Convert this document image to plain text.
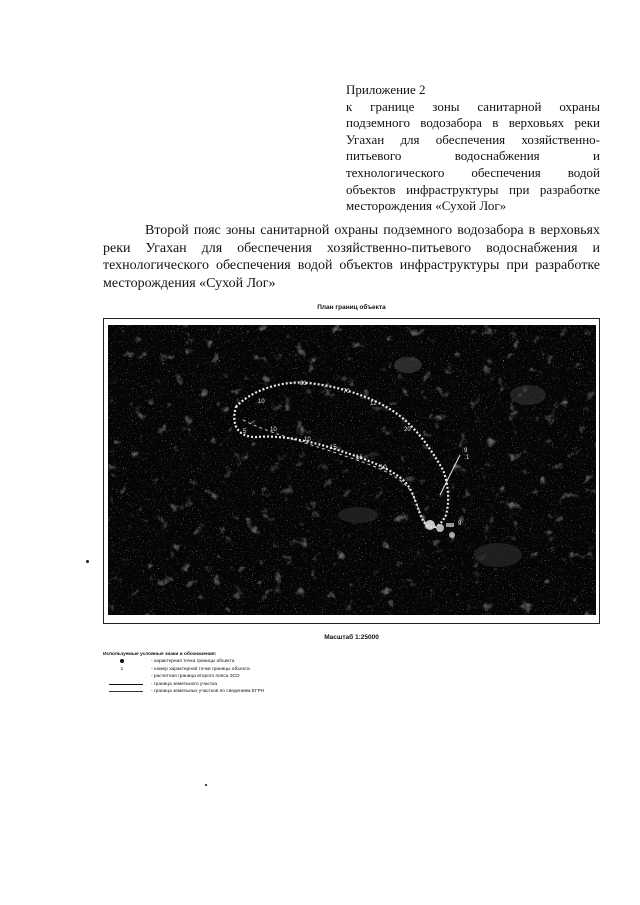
Приложение 2
к границе зоны санитарной охраны подземного водозабора в верховьях реки Угахан для обеспечения хозяйственно-питьевого водоснабжения и технологического обеспечения водой объектов инфраструктуры при разработке месторождения «Сухой Лог»
Второй пояс зоны санитарной охраны подземного водозабора в верховьях реки Угахан для обеспечения хозяйственно-питьевого водоснабжения и технологического обеспечения водой объектов инфраструктуры при разработке месторождения «Сухой Лог»
План границ объекта
81
10
5	10
10
15
16
10
70
12
20
9
1
9
Масштаб 1:25000
Используемые условные знаки и обозначения:
- характерная точка границы объекта
1	- номер характерной точки границы объекта
- расчетная граница второго пояса ЗСО
- граница земельного участка
- граница земельных участков по сведениям ЕГРН
